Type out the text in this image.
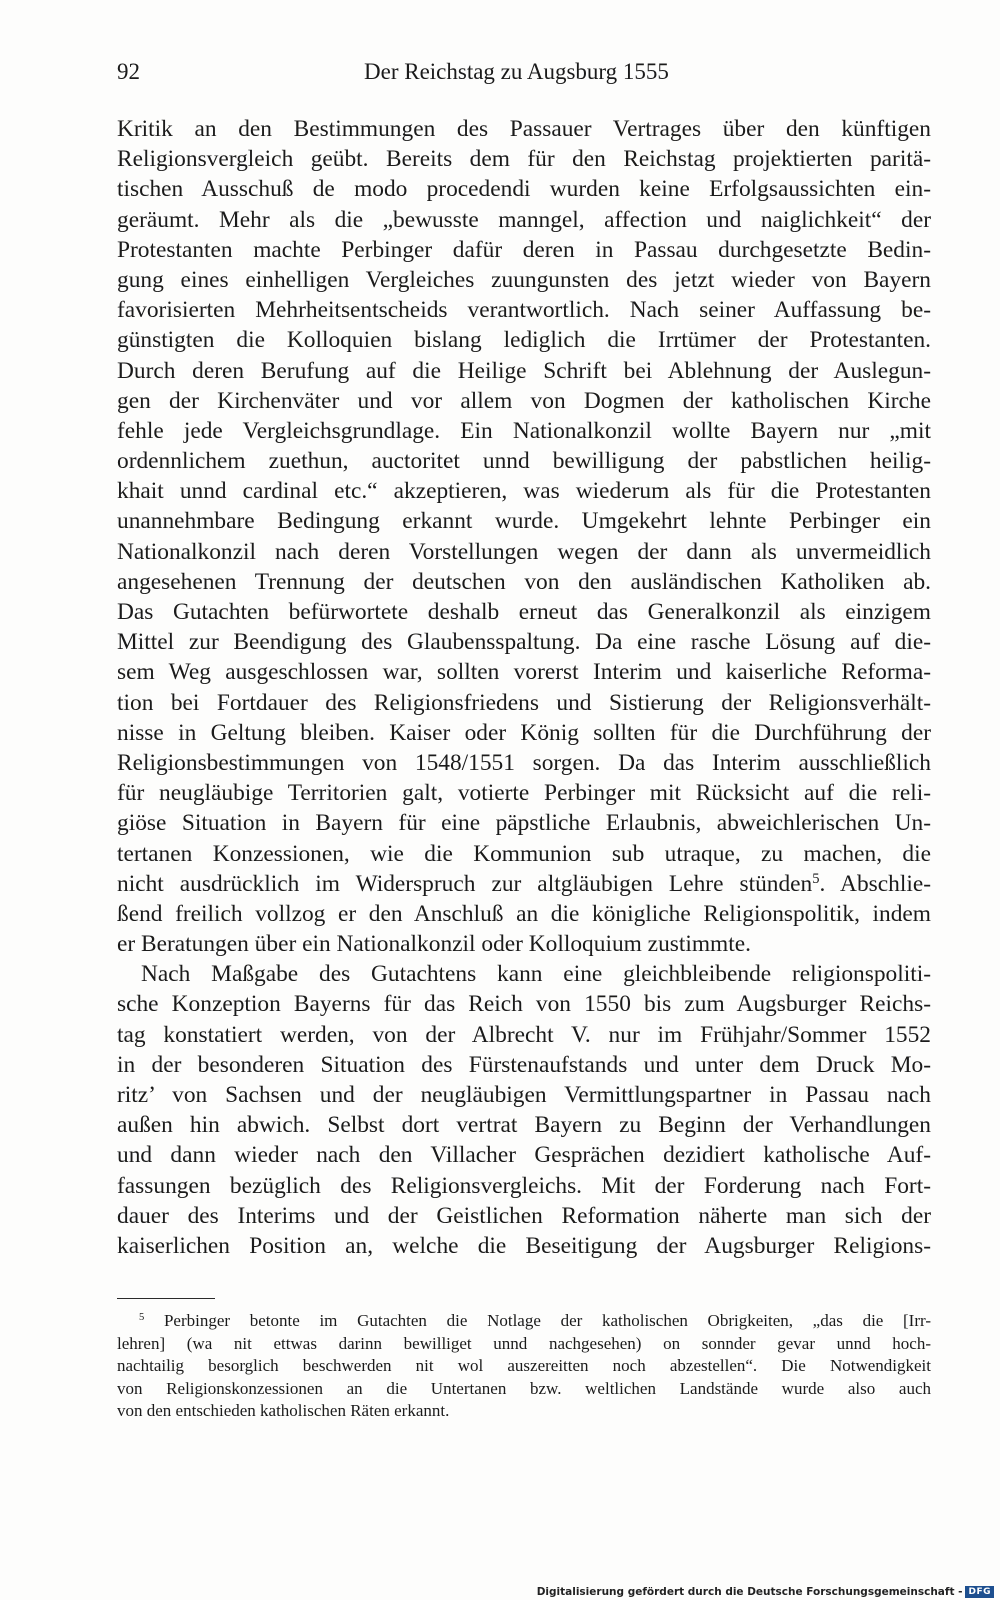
92	Der Reichstag zu Augsburg 1555
Kritik an den Bestimmungen des Passauer Vertrages über den künftigen
Religionsvergleich geübt. Bereits dem für den Reichstag projektierten paritä-
tischen Ausschuß de modo procedendi wurden keine Erfolgsaussichten ein-
geräumt. Mehr als die „bewusste manngel, affection und naiglichkeit“ der
Protestanten machte Perbinger dafür deren in Passau durchgesetzte Bedin-
gung eines einhelligen Vergleiches zuungunsten des jetzt wieder von Bayern
favorisierten Mehrheitsentscheids verantwortlich. Nach seiner Auffassung be-
günstigten die Kolloquien bislang lediglich die Irrtümer der Protestanten.
Durch deren Berufung auf die Heilige Schrift bei Ablehnung der Auslegun-
gen der Kirchenväter und vor allem von Dogmen der katholischen Kirche
fehle jede Vergleichsgrundlage. Ein Nationalkonzil wollte Bayern nur „mit
ordennlichem zuethun, auctoritet unnd bewilligung der pabstlichen heilig-
khait unnd cardinal etc.“ akzeptieren, was wiederum als für die Protestanten
unannehmbare Bedingung erkannt wurde. Umgekehrt lehnte Perbinger ein
Nationalkonzil nach deren Vorstellungen wegen der dann als unvermeidlich
angesehenen Trennung der deutschen von den ausländischen Katholiken ab.
Das Gutachten befürwortete deshalb erneut das Generalkonzil als einzigem
Mittel zur Beendigung des Glaubensspaltung. Da eine rasche Lösung auf die-
sem Weg ausgeschlossen war, sollten vorerst Interim und kaiserliche Reforma-
tion bei Fortdauer des Religionsfriedens und Sistierung der Religionsverhält-
nisse in Geltung bleiben. Kaiser oder König sollten für die Durchführung der
Religionsbestimmungen von 1548/1551 sorgen. Da das Interim ausschließlich
für neugläubige Territorien galt, votierte Perbinger mit Rücksicht auf die reli-
giöse Situation in Bayern für eine päpstliche Erlaubnis, abweichlerischen Un-
tertanen Konzessionen, wie die Kommunion sub utraque, zu machen, die
nicht ausdrücklich im Widerspruch zur altgläubigen Lehre stünden$^5$. Abschlie-
ßend freilich vollzog er den Anschluß an die königliche Religionspolitik, indem
er Beratungen über ein Nationalkonzil oder Kolloquium zustimmte.
Nach Maßgabe des Gutachtens kann eine gleichbleibende religionspoliti-
sche Konzeption Bayerns für das Reich von 1550 bis zum Augsburger Reichs-
tag konstatiert werden, von der Albrecht V. nur im Frühjahr/Sommer 1552
in der besonderen Situation des Fürstenaufstands und unter dem Druck Mo-
ritz’ von Sachsen und der neugläubigen Vermittlungspartner in Passau nach
außen hin abwich. Selbst dort vertrat Bayern zu Beginn der Verhandlungen
und dann wieder nach den Villacher Gesprächen dezidiert katholische Auf-
fassungen bezüglich des Religionsvergleichs. Mit der Forderung nach Fort-
dauer des Interims und der Geistlichen Reformation näherte man sich der
kaiserlichen Position an, welche die Beseitigung der Augsburger Religions-
$^5$ Perbinger betonte im Gutachten die Notlage der katholischen Obrigkeiten, „das die [Irr-
lehren] (wa nit ettwas darinn bewilliget unnd nachgesehen) on sonnder gevar unnd hoch-
nachtailig besorglich beschwerden nit wol auszereitten noch abzestellen“. Die Notwendigkeit
von Religionskonzessionen an die Untertanen bzw. weltlichen Landstände wurde also auch
von den entschieden katholischen Räten erkannt.
Digitalisierung gefördert durch die Deutsche Forschungsgemeinschaft - DFG
